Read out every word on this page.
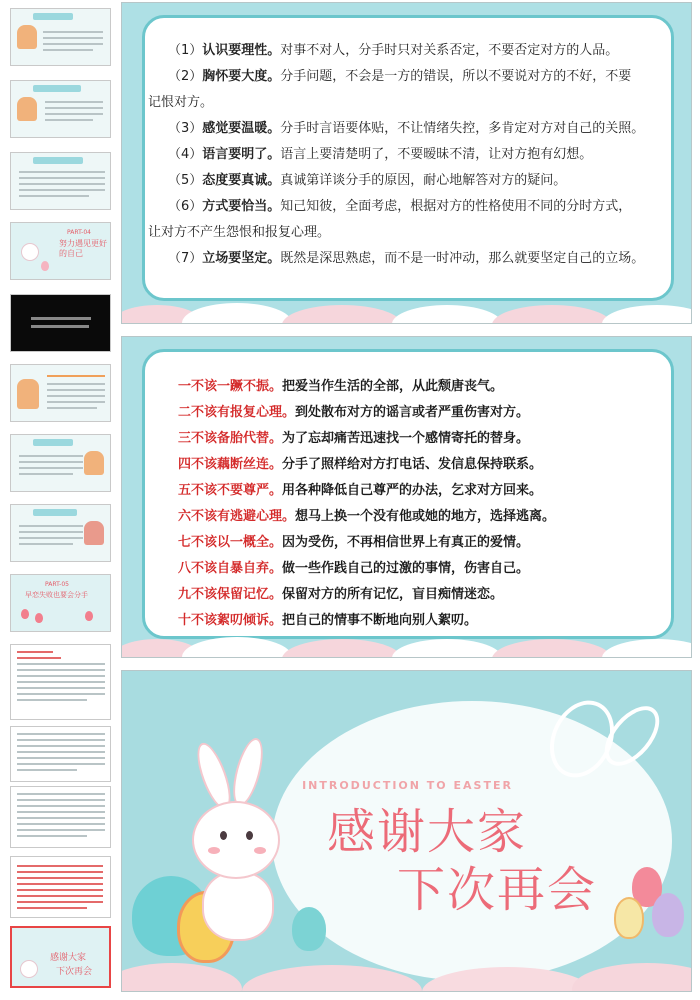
PART-04
努力遇见更好的自己
PART-05
早恋失败也要会分手
感谢大家
下次再会
（1）认识要理性。对事不对人，分手时只对关系否定，不要否定对方的人品。
（2）胸怀要大度。分手问题，不会是一方的错误，所以不要说对方的不好，不要
记恨对方。
（3）感觉要温暖。分手时言语要体贴，不让情绪失控，多肯定对方对自己的关照。
（4）语言要明了。语言上要清楚明了，不要暧昧不清，让对方抱有幻想。
（5）态度要真诚。真诚第详谈分手的原因，耐心地解答对方的疑问。
（6）方式要恰当。知己知彼，全面考虑，根据对方的性格使用不同的分时方式，
让对方不产生怨恨和报复心理。
（7）立场要坚定。既然是深思熟虑，而不是一时冲动，那么就要坚定自己的立场。
一不该一蹶不振。把爱当作生活的全部，从此颓唐丧气。
二不该有报复心理。到处散布对方的谣言或者严重伤害对方。
三不该备胎代替。为了忘却痛苦迅速找一个感情寄托的替身。
四不该藕断丝连。分手了照样给对方打电话、发信息保持联系。
五不该不要尊严。用各种降低自己尊严的办法，乞求对方回来。
六不该有逃避心理。想马上换一个没有他或她的地方，选择逃离。
七不该以一概全。因为受伤，不再相信世界上有真正的爱情。
八不该自暴自弃。做一些作践自己的过激的事情，伤害自己。
九不该保留记忆。保留对方的所有记忆，盲目痴情迷恋。
十不该絮叨倾诉。把自己的情事不断地向别人絮叨。
INTRODUCTION TO EASTER
感谢大家
下次再会
